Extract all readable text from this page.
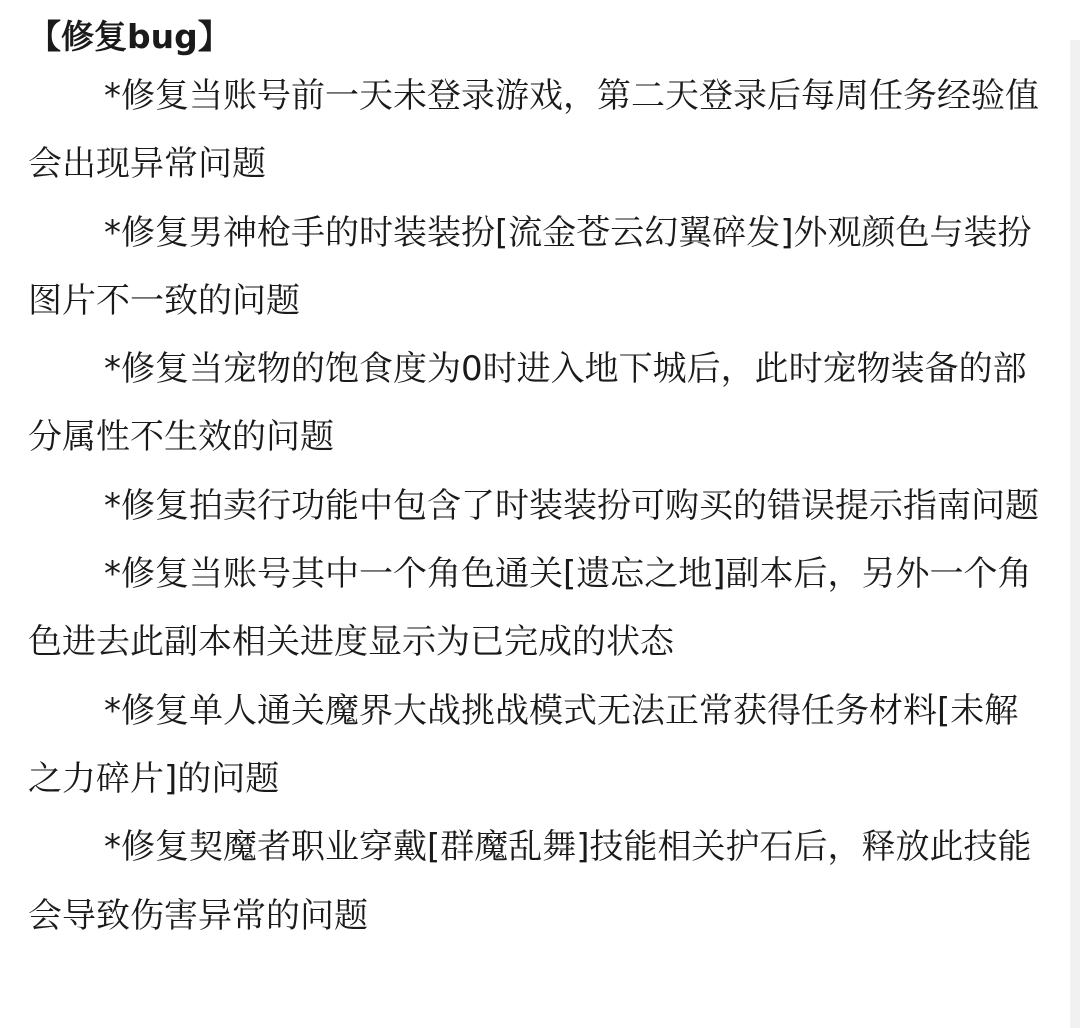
【修复bug】

*修复当账号前一天未登录游戏，第二天登录后每周任务经验值会出现异常问题

*修复男神枪手的时装装扮[流金苍云幻翼碎发]外观颜色与装扮图片不一致的问题

*修复当宠物的饱食度为0时进入地下城后，此时宠物装备的部分属性不生效的问题

*修复拍卖行功能中包含了时装装扮可购买的错误提示指南问题

*修复当账号其中一个角色通关[遗忘之地]副本后，另外一个角色进去此副本相关进度显示为已完成的状态

*修复单人通关魔界大战挑战模式无法正常获得任务材料[未解之力碎片]的问题

*修复契魔者职业穿戴[群魔乱舞]技能相关护石后，释放此技能会导致伤害异常的问题
